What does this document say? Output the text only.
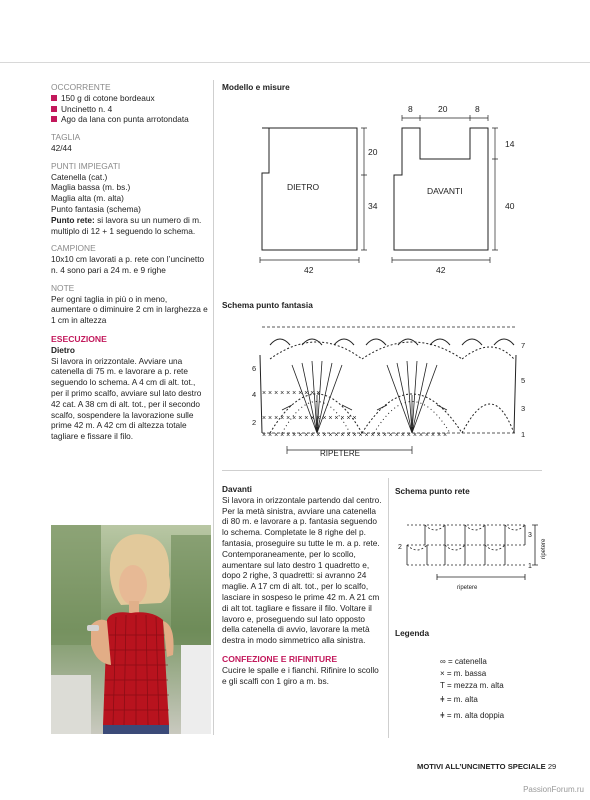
OCCORRENTE
150 g di cotone bordeaux
Uncinetto n. 4
Ago da lana con punta arrotondata
TAGLIA
42/44
PUNTI IMPIEGATI
Catenella (cat.)
Maglia bassa (m. bs.)
Maglia alta (m. alta)
Punto fantasia (schema)
Punto rete: si lavora su un numero di m. multiplo di 12 + 1 seguendo lo schema.
CAMPIONE
10x10 cm lavorati a p. rete con l’uncinetto n. 4 sono pari a 24 m. e 9 righe
NOTE
Per ogni taglia in più o in meno, aumentare o diminuire 2 cm in larghezza e 1 cm in altezza
ESECUZIONE
Dietro
Si lavora in orizzontale. Avviare una catenella di 75 m. e lavorare a p. rete seguendo lo schema. A 4 cm di alt. tot., per il primo scalfo, avviare sul lato destro 42 cat. A 38 cm di alt. tot., per il secondo scalfo, sospendere la lavorazione sulle prime 42 m. A 42 cm di altezza totale tagliare e fissare il filo.
Modello e misure
DIETRO	DAVANTI
20
34
42
8	20	8
14
40
42
Schema punto fantasia
× × × × × × × × × × × × × × × × × × × × × × × × × × × × × × ×
× × × × × × × × × × × × × × × ×
× × × × × × × × × ×
RIPETERE
7
5
3
1
6
4
2
Davanti
Si lavora in orizzontale partendo dal centro. Per la metà sinistra, avviare una catenella di 80 m. e lavorare a p. fantasia seguendo lo schema. Completate le 8 righe del p. fantasia, proseguire su tutte le m. a p. rete. Contemporaneamente, per lo scollo, aumentare sul lato destro 1 quadretto e, dopo 2 righe, 3 quadretti: si avranno 24 maglie. A 17 cm di alt. tot., per lo scalfo, lasciare in sospeso le prime 42 m. A 21 cm di alt tot. tagliare e fissare il filo. Voltare il lavoro e, proseguendo sul lato opposto della catenella di avvio, lavorare la metà destra in modo simmetrico alla sinistra.
CONFEZIONE E RIFINITURE
Cucire le spalle e i fianchi. Rifinire lo scollo e gli scalfi con 1 giro a m. bs.
Schema punto rete
2
3
1
ripetere
ripetere
Legenda
∞ = catenella
× = m. bassa
T = mezza m. alta
ǂ = m. alta
ǂ = m. alta doppia
MOTIVI ALL’UNCINETTO SPECIALE 29
PassionForum.ru
